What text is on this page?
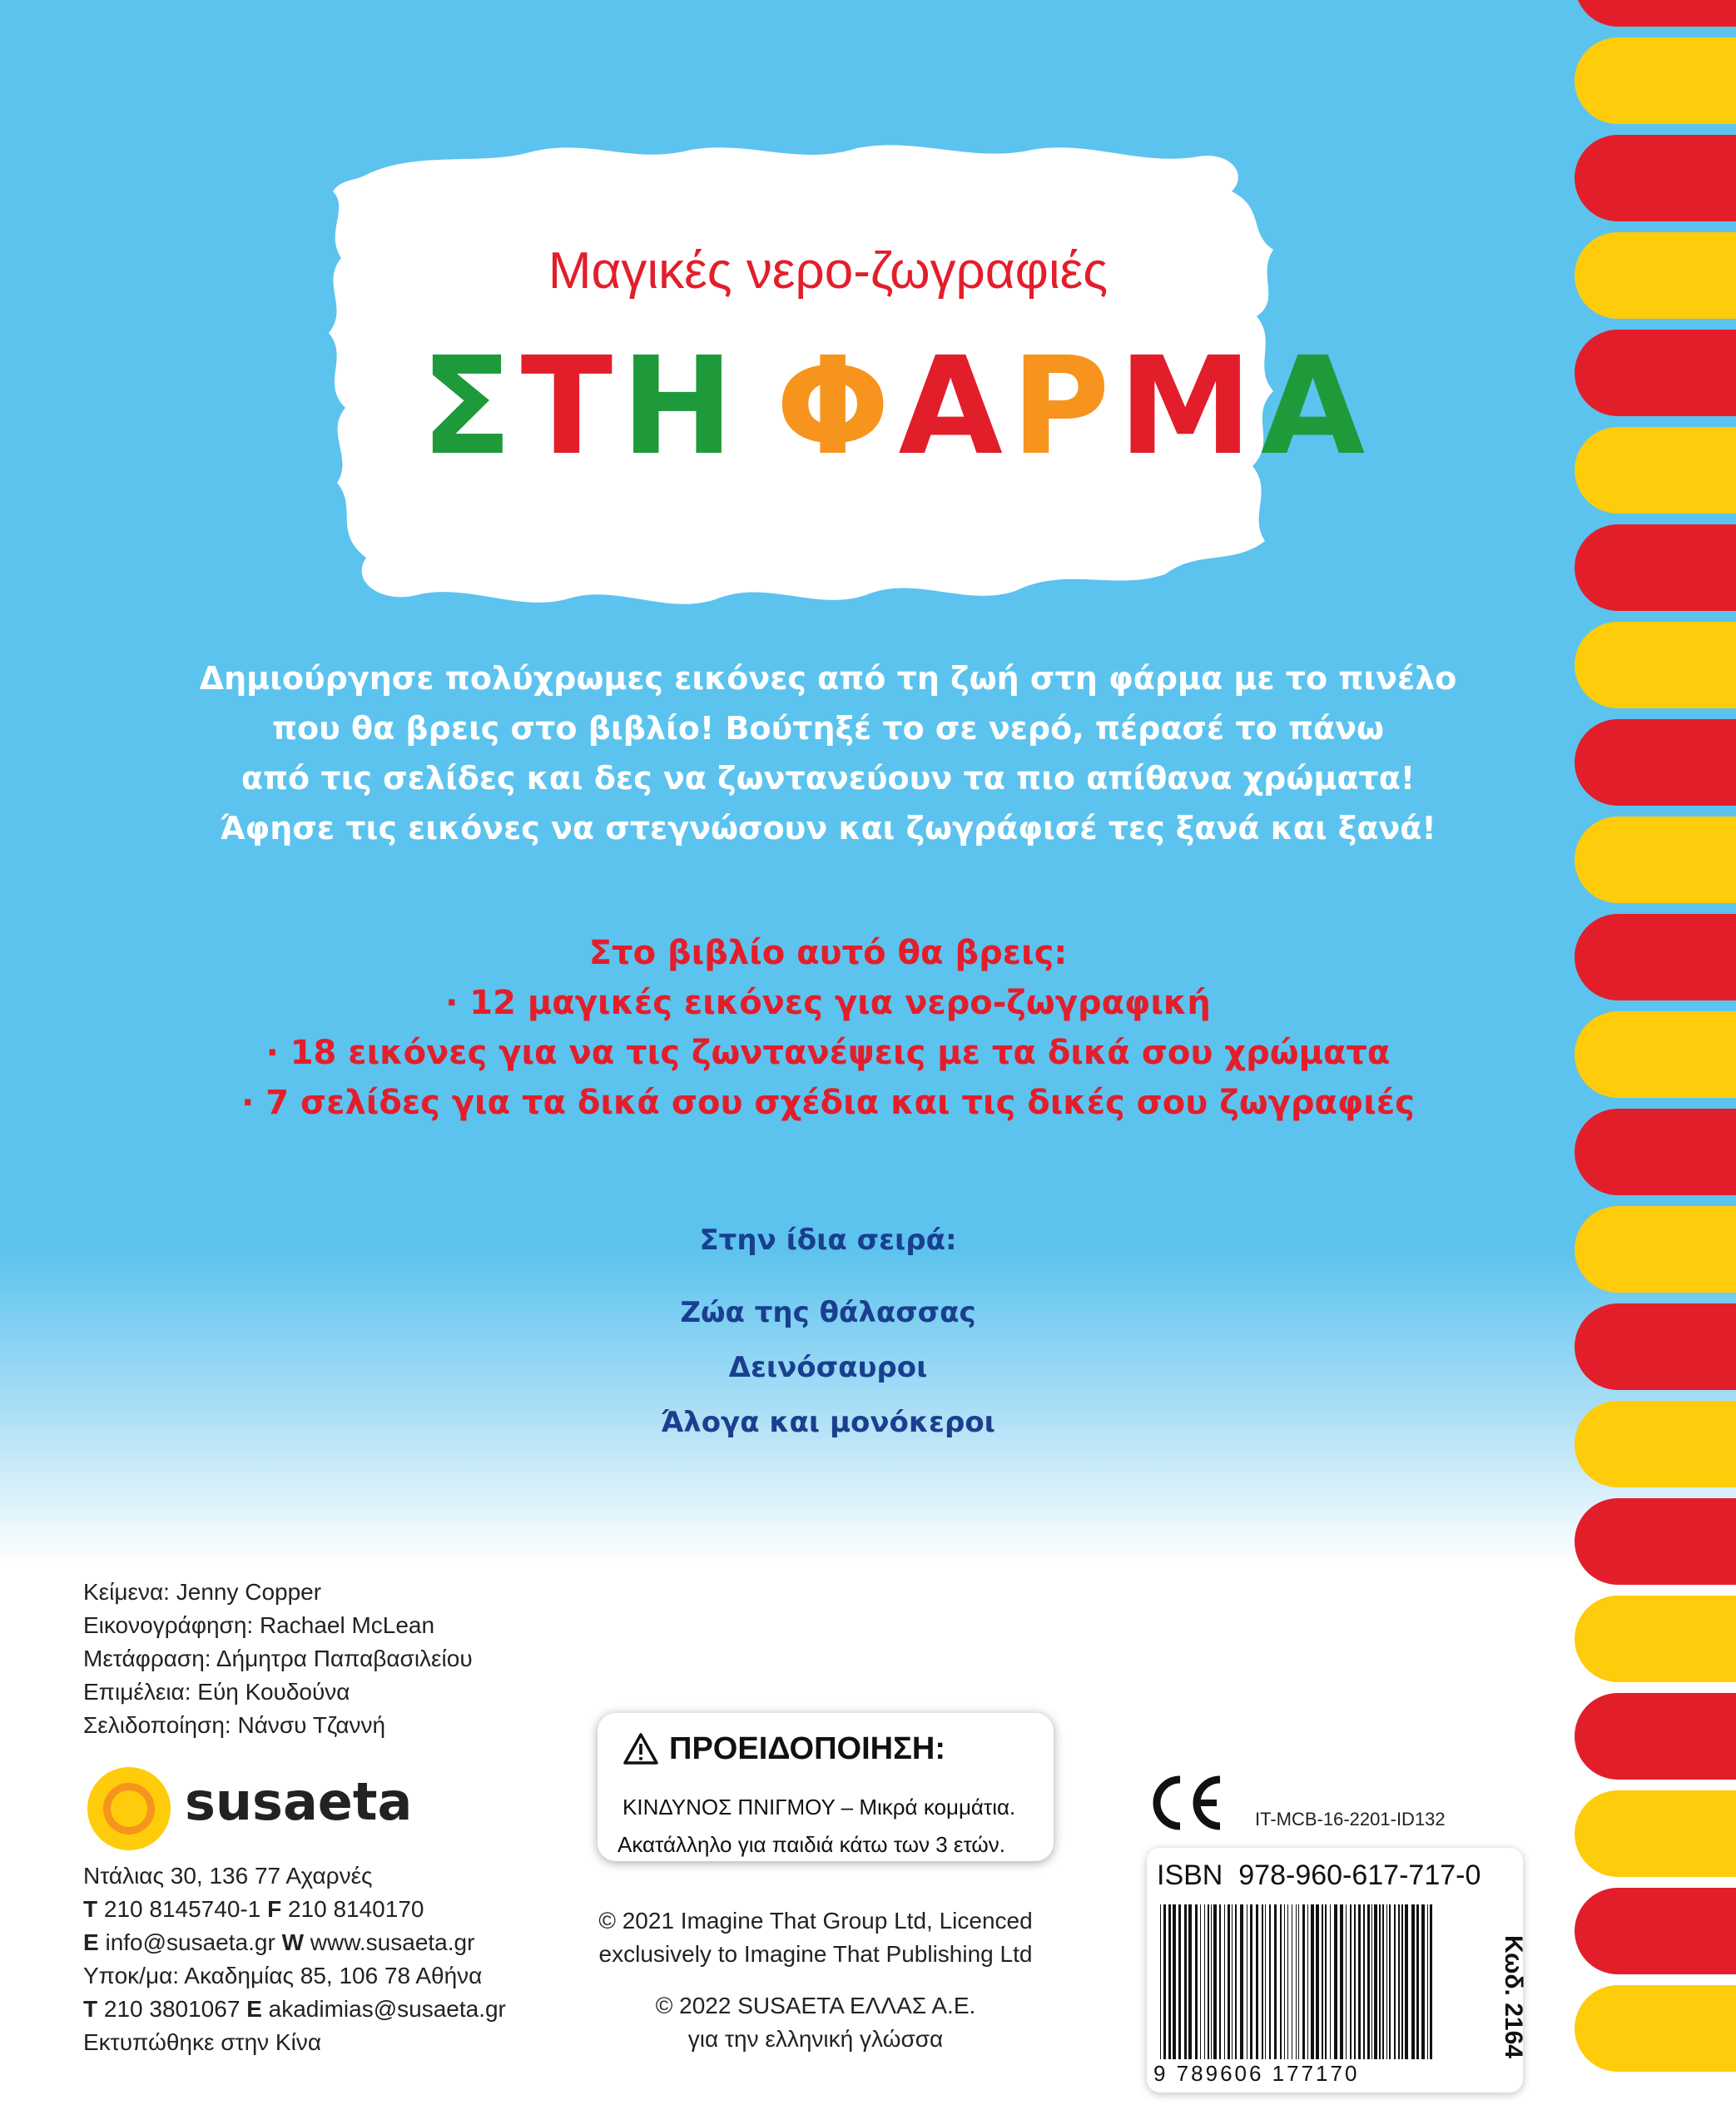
Μαγικές νερο-ζωγραφιές
ΣΤΗ ΦΑΡΜΑ
Δημιούργησε πολύχρωμες εικόνες από τη ζωή στη φάρμα με το πινέλο
που θα βρεις στο βιβλίο! Βούτηξέ το σε νερό, πέρασέ το πάνω
από τις σελίδες και δες να ζωντανεύουν τα πιο απίθανα χρώματα!
Άφησε τις εικόνες να στεγνώσουν και ζωγράφισέ τες ξανά και ξανά!
Στο βιβλίο αυτό θα βρεις:
· 12 μαγικές εικόνες για νερο-ζωγραφική
· 18 εικόνες για να τις ζωντανέψεις με τα δικά σου χρώματα
· 7 σελίδες για τα δικά σου σχέδια και τις δικές σου ζωγραφιές
Στην ίδια σειρά:
Ζώα της θάλασσας
Δεινόσαυροι
Άλογα και μονόκεροι
Κείμενα: Jenny Copper
Εικονογράφηση: Rachael McLean
Μετάφραση: Δήμητρα Παπαβασιλείου
Επιμέλεια: Εύη Κουδούνα
Σελιδοποίηση: Νάνσυ Τζαννή
susaeta
Ντάλιας 30, 136 77 Αχαρνές
T 210 8145740-1 F 210 8140170
E info@susaeta.gr W www.susaeta.gr
Υποκ/μα: Ακαδημίας 85, 106 78 Αθήνα
T 210 3801067 E akadimias@susaeta.gr
Εκτυπώθηκε στην Κίνα
ΠΡΟΕΙΔΟΠΟΙΗΣΗ:
ΚΙΝΔΥΝΟΣ ΠΝΙΓΜΟΥ – Μικρά κομμάτια.
Ακατάλληλο για παιδιά κάτω των 3 ετών.
© 2021 Imagine That Group Ltd, Licenced
exclusively to Imagine That Publishing Ltd
© 2022 SUSAETA ΕΛΛΑΣ Α.Ε.
για την ελληνική γλώσσα
IT-MCB-16-2201-ID132
ISBN 978-960-617-717-0
9 789606 177170
Κωδ. 2164
